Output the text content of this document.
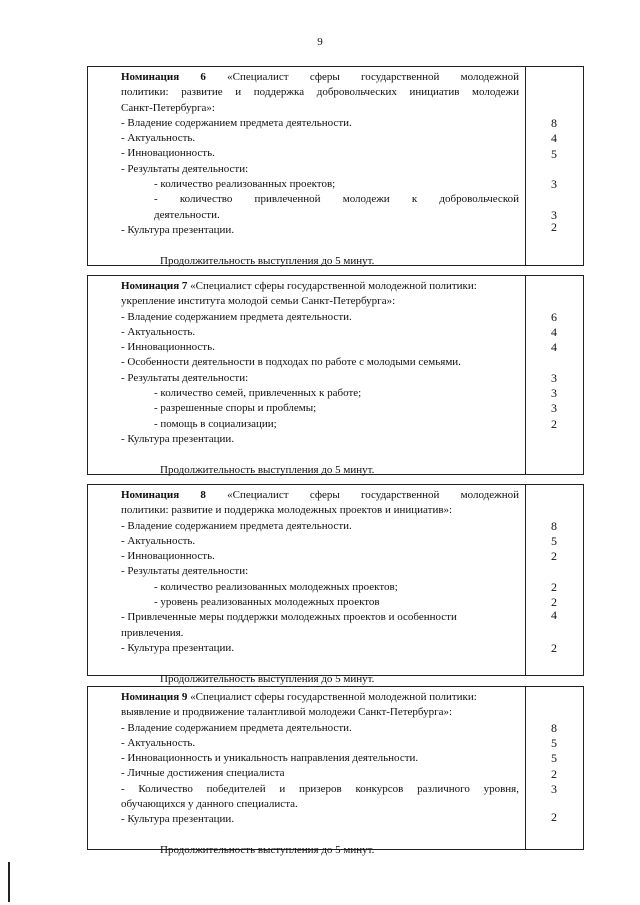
9
Номинация 6 «Специалист сферы государственной молодежной
политики: развитие и поддержка добровольческих инициатив молодежи
Санкт-Петербурга»:
- Владение содержанием предмета деятельности.
- Актуальность.
- Инновационность.
- Результаты деятельности:
- количество реализованных проектов;
- количество привлеченной молодежи к добровольческой
деятельности.
- Культура презентации.
Продолжительность выступления до 5 минут.
8
4
5
3
3
2
Номинация 7 «Специалист сферы государственной молодежной политики:
укрепление института молодой семьи Санкт-Петербурга»:
- Владение содержанием предмета деятельности.
- Актуальность.
- Инновационность.
- Особенности деятельности в подходах по работе с молодыми семьями.
- Результаты деятельности:
- количество семей, привлеченных к работе;
- разрешенные споры и проблемы;
- помощь в социализации;
- Культура презентации.
Продолжительность выступления до 5 минут.
6
4
4
3
3
3
2
Номинация 8 «Специалист сферы государственной молодежной
политики: развитие и поддержка молодежных проектов и инициатив»:
- Владение содержанием предмета деятельности.
- Актуальность.
- Инновационность.
- Результаты деятельности:
- количество реализованных молодежных проектов;
- уровень реализованных молодежных проектов
- Привлеченные меры поддержки молодежных проектов и особенности
привлечения.
- Культура презентации.
Продолжительность выступления до 5 минут.
8
5
2
2
2
4
2
Номинация 9 «Специалист сферы государственной молодежной политики:
выявление и продвижение талантливой молодежи Санкт-Петербурга»:
- Владение содержанием предмета деятельности.
- Актуальность.
- Инновационность и уникальность направления деятельности.
- Личные достижения специалиста
- Количество победителей и призеров конкурсов различного уровня,
обучающихся у данного специалиста.
- Культура презентации.
Продолжительность выступления до 5 минут.
8
5
5
2
3
2
